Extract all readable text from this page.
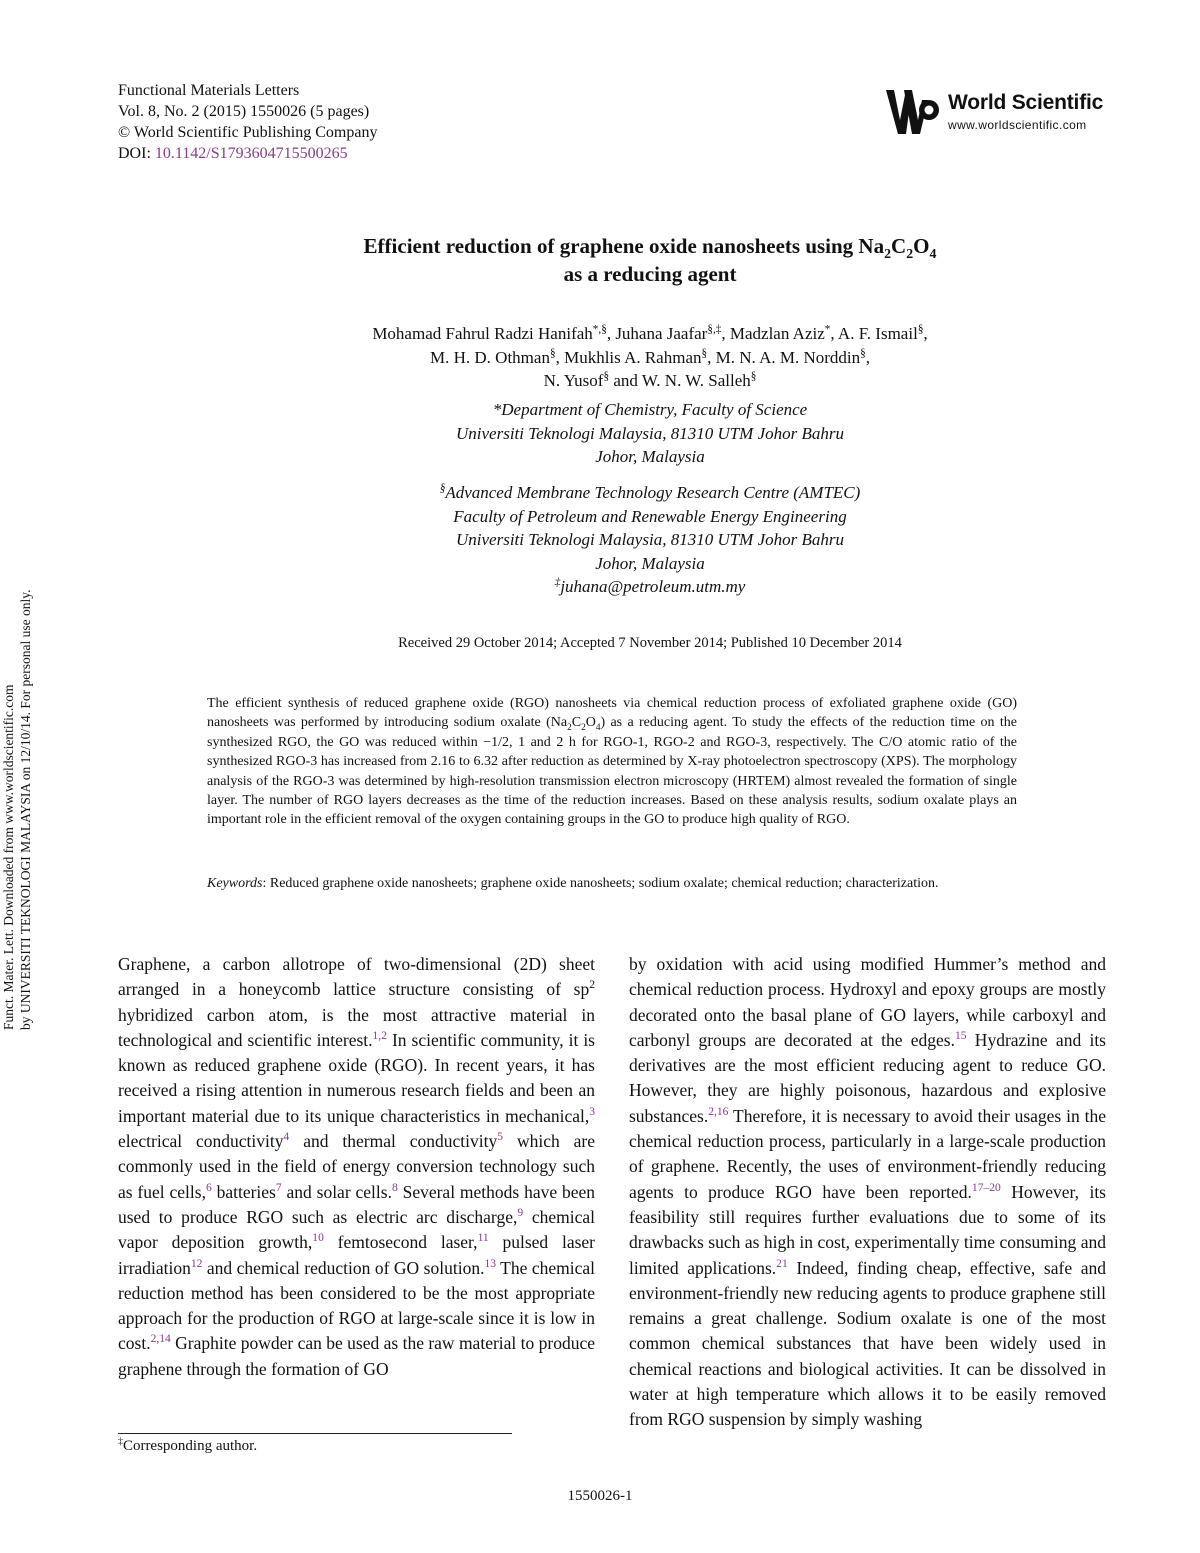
Functional Materials Letters
Vol. 8, No. 2 (2015) 1550026 (5 pages)
© World Scientific Publishing Company
DOI: 10.1142/S1793604715500265
World Scientific
www.worldscientific.com
Funct. Mater. Lett. Downloaded from www.worldscientific.com by UNIVERSITI TEKNOLOGI MALAYSIA on 12/10/14. For personal use only.
Efficient reduction of graphene oxide nanosheets using $Na_2C_2O_4$
as a reducing agent
Mohamad Fahrul Radzi Hanifah*,§, Juhana Jaafar§,‡, Madzlan Aziz*, A. F. Ismail§,
M. H. D. Othman§, Mukhlis A. Rahman§, M. N. A. M. Norddin§,
N. Yusof§ and W. N. W. Salleh§
*Department of Chemistry, Faculty of Science
Universiti Teknologi Malaysia, 81310 UTM Johor Bahru
Johor, Malaysia
§Advanced Membrane Technology Research Centre (AMTEC)
Faculty of Petroleum and Renewable Energy Engineering
Universiti Teknologi Malaysia, 81310 UTM Johor Bahru
Johor, Malaysia
‡juhana@petroleum.utm.my
Received 29 October 2014; Accepted 7 November 2014; Published 10 December 2014
The efficient synthesis of reduced graphene oxide (RGO) nanosheets via chemical reduction process of exfoliated graphene oxide (GO) nanosheets was performed by introducing sodium oxalate $(Na_2C_2O_4)$ as a reducing agent. To study the effects of the reduction time on the synthesized RGO, the GO was reduced within −1/2, 1 and 2 h for RGO-1, RGO-2 and RGO-3, respectively. The C/O atomic ratio of the synthesized RGO-3 has increased from 2.16 to 6.32 after reduction as determined by X-ray photoelectron spectroscopy (XPS). The morphology analysis of the RGO-3 was determined by high-resolution transmission electron microscopy (HRTEM) almost revealed the formation of single layer. The number of RGO layers decreases as the time of the reduction increases. Based on these analysis results, sodium oxalate plays an important role in the efficient removal of the oxygen containing groups in the GO to produce high quality of RGO.
Keywords: Reduced graphene oxide nanosheets; graphene oxide nanosheets; sodium oxalate; chemical reduction; characterization.
Graphene, a carbon allotrope of two-dimensional (2D) sheet arranged in a honeycomb lattice structure consisting of $sp^2$ hybridized carbon atom, is the most attractive material in technological and scientific interest.$^{1,2}$ In scientific community, it is known as reduced graphene oxide (RGO). In recent years, it has received a rising attention in numerous research fields and been an important material due to its unique characteristics in mechanical,$^3$ electrical conductivity$^4$ and thermal conductivity$^5$ which are commonly used in the field of energy conversion technology such as fuel cells,$^6$ batteries$^7$ and solar cells.$^8$ Several methods have been used to produce RGO such as electric arc discharge,$^9$ chemical vapor deposition growth,$^{10}$ femtosecond laser,$^{11}$ pulsed laser irradiation$^{12}$ and chemical reduction of GO solution.$^{13}$ The chemical reduction method has been considered to be the most appropriate approach for the production of RGO at large-scale since it is low in cost.$^{2,14}$ Graphite powder can be used as the raw material to produce graphene through the formation of GO
by oxidation with acid using modified Hummer’s method and chemical reduction process. Hydroxyl and epoxy groups are mostly decorated onto the basal plane of GO layers, while carboxyl and carbonyl groups are decorated at the edges.$^{15}$ Hydrazine and its derivatives are the most efficient reducing agent to reduce GO. However, they are highly poisonous, hazardous and explosive substances.$^{2,16}$ Therefore, it is necessary to avoid their usages in the chemical reduction process, particularly in a large-scale production of graphene. Recently, the uses of environment-friendly reducing agents to produce RGO have been reported.$^{17-20}$ However, its feasibility still requires further evaluations due to some of its drawbacks such as high in cost, experimentally time consuming and limited applications.$^{21}$ Indeed, finding cheap, effective, safe and environment-friendly new reducing agents to produce graphene still remains a great challenge. Sodium oxalate is one of the most common chemical substances that have been widely used in chemical reactions and biological activities. It can be dissolved in water at high temperature which allows it to be easily removed from RGO suspension by simply washing
‡Corresponding author.
1550026-1
